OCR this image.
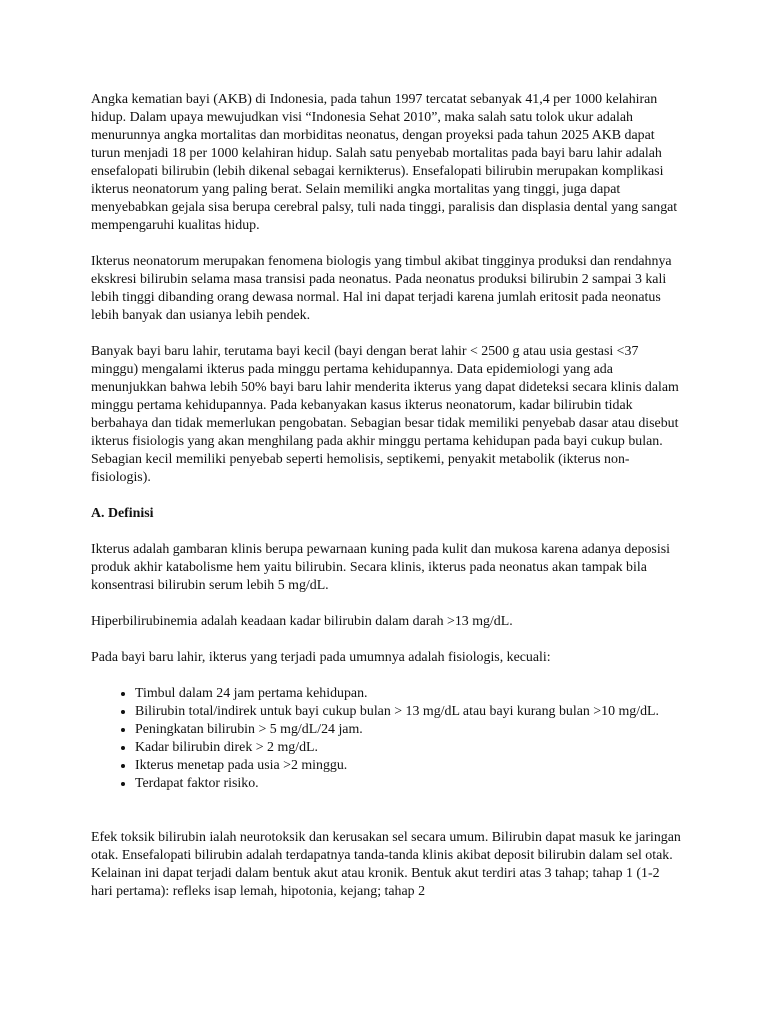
Angka kematian bayi (AKB) di Indonesia, pada tahun 1997 tercatat sebanyak 41,4 per 1000 kelahiran hidup. Dalam upaya mewujudkan visi “Indonesia Sehat 2010”, maka salah satu tolok ukur adalah menurunnya angka mortalitas dan morbiditas neonatus, dengan proyeksi pada tahun 2025 AKB dapat turun menjadi 18 per 1000 kelahiran hidup. Salah satu penyebab mortalitas pada bayi baru lahir adalah ensefalopati bilirubin (lebih dikenal sebagai kernikterus). Ensefalopati bilirubin merupakan komplikasi ikterus neonatorum yang paling berat. Selain memiliki angka mortalitas yang tinggi, juga dapat menyebabkan gejala sisa berupa cerebral palsy, tuli nada tinggi, paralisis dan displasia dental yang sangat mempengaruhi kualitas hidup.

Ikterus neonatorum merupakan fenomena biologis yang timbul akibat tingginya produksi dan rendahnya ekskresi bilirubin selama masa transisi pada neonatus. Pada neonatus produksi bilirubin 2 sampai 3 kali lebih tinggi dibanding orang dewasa normal. Hal ini dapat terjadi karena jumlah eritosit pada neonatus lebih banyak dan usianya lebih pendek.

Banyak bayi baru lahir, terutama bayi kecil (bayi dengan berat lahir < 2500 g atau usia gestasi <37 minggu) mengalami ikterus pada minggu pertama kehidupannya. Data epidemiologi yang ada menunjukkan bahwa lebih 50% bayi baru lahir menderita ikterus yang dapat dideteksi secara klinis dalam minggu pertama kehidupannya. Pada kebanyakan kasus ikterus neonatorum, kadar bilirubin tidak berbahaya dan tidak memerlukan pengobatan. Sebagian besar tidak memiliki penyebab dasar atau disebut ikterus fisiologis yang akan menghilang pada akhir minggu pertama kehidupan pada bayi cukup bulan. Sebagian kecil memiliki penyebab seperti hemolisis, septikemi, penyakit metabolik (ikterus non-fisiologis).

A. Definisi

Ikterus adalah gambaran klinis berupa pewarnaan kuning pada kulit dan mukosa karena adanya deposisi produk akhir katabolisme hem yaitu bilirubin. Secara klinis, ikterus pada neonatus akan tampak bila konsentrasi bilirubin serum lebih 5 mg/dL.

Hiperbilirubinemia adalah keadaan kadar bilirubin dalam darah >13 mg/dL.

Pada bayi baru lahir, ikterus yang terjadi pada umumnya adalah fisiologis, kecuali:

• Timbul dalam 24 jam pertama kehidupan.
• Bilirubin total/indirek untuk bayi cukup bulan > 13 mg/dL atau bayi kurang bulan >10 mg/dL.
• Peningkatan bilirubin > 5 mg/dL/24 jam.
• Kadar bilirubin direk > 2 mg/dL.
• Ikterus menetap pada usia >2 minggu.
• Terdapat faktor risiko.

Efek toksik bilirubin ialah neurotoksik dan kerusakan sel secara umum. Bilirubin dapat masuk ke jaringan otak. Ensefalopati bilirubin adalah terdapatnya tanda-tanda klinis akibat deposit bilirubin dalam sel otak. Kelainan ini dapat terjadi dalam bentuk akut atau kronik. Bentuk akut terdiri atas 3 tahap; tahap 1 (1-2 hari pertama): refleks isap lemah, hipotonia, kejang; tahap 2
